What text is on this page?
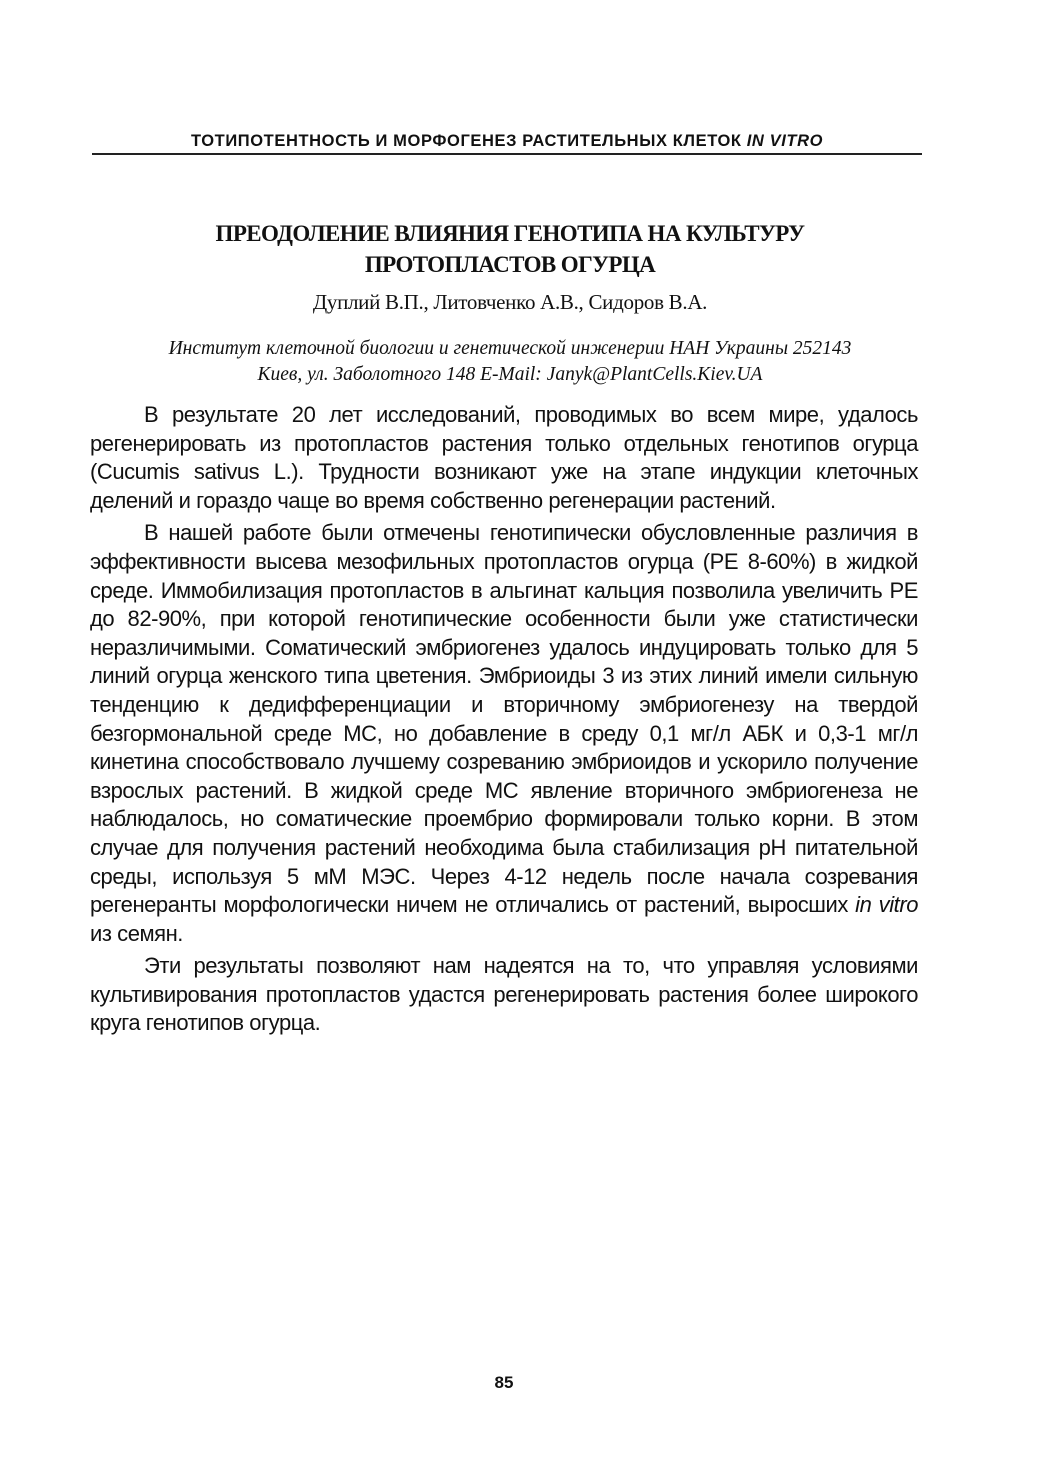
ТОТИПОТЕНТНОСТЬ И МОРФОГЕНЕЗ РАСТИТЕЛЬНЫХ КЛЕТОК IN VITRO
ПРЕОДОЛЕНИЕ ВЛИЯНИЯ ГЕНОТИПА НА КУЛЬТУРУ
ПРОТОПЛАСТОВ ОГУРЦА
Дуплий В.П., Литовченко А.В., Сидоров В.А.
Институт клеточной биологии и генетической инженерии НАН Украины 252143
Киев, ул. Заболотного 148 E-Mail: Janyk@PlantCells.Kiev.UA

В результате 20 лет исследований, проводимых во всем мире, удалось регенерировать из протопластов растения только отдельных генотипов огурца (Cucumis sativus L.). Трудности возникают уже на этапе индукции клеточных делений и гораздо чаще во время собственно регенерации растений.

В нашей работе были отмечены генотипически обусловленные различия в эффективности высева мезофильных протопластов огурца (PE 8-60%) в жидкой среде. Иммобилизация протопластов в альгинат кальция позволила увеличить PE до 82-90%, при которой генотипические особенности были уже статистически неразличимыми. Соматический эмбриогенез удалось индуцировать только для 5 линий огурца женского типа цветения. Эмбриоиды 3 из этих линий имели сильную тенденцию к дедифференциации и вторичному эмбриогенезу на твердой безгормональной среде МС, но добавление в среду 0,1 мг/л АБК и 0,3-1 мг/л кинетина способствовало лучшему созреванию эмбриоидов и ускорило получение взрослых растений. В жидкой среде МС явление вторичного эмбриогенеза не наблюдалось, но соматические проембрио формировали только корни. В этом случае для получения растений необходима была стабилизация pH питательной среды, используя 5 мМ МЭС. Через 4-12 недель после начала созревания регенеранты морфологически ничем не отличались от растений, выросших in vitro из семян.

Эти результаты позволяют нам надеятся на то, что управляя условиями культивирования протопластов удастся регенерировать растения более широкого круга генотипов огурца.

85
